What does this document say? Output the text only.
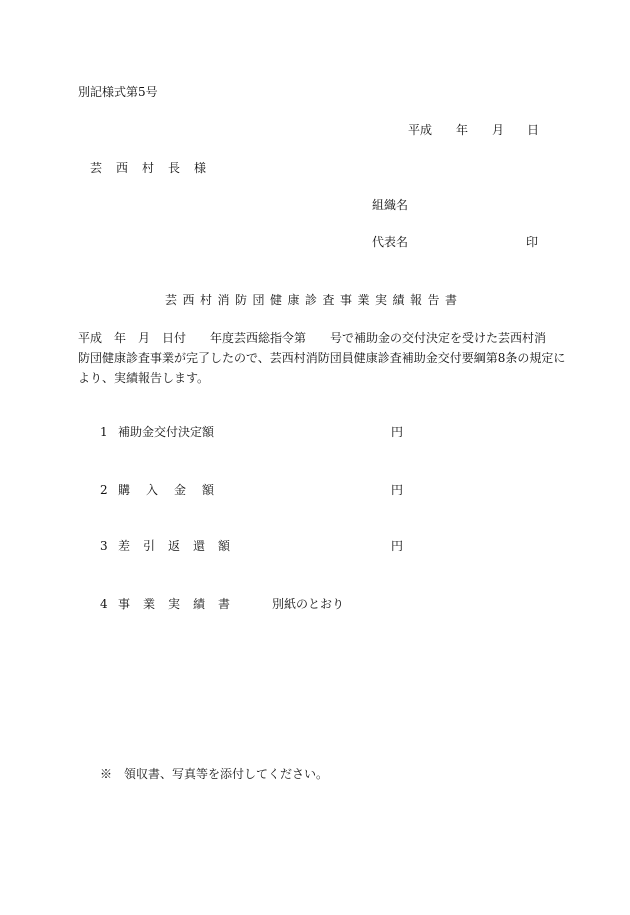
別記様式第5号

平成

年

月

日

芸西村長様
組織名
代表名	印
芸西村消防団健康診査事業実績報告書
平成　年　月　日付　　年度芸西総指令第　　号で補助金の交付決定を受けた芸西村消
防団健康診査事業が完了したので、芸西村消防団員健康診査補助金交付要綱第8条の規定に
より、実績報告します。
1 補助金交付決定額	円
2 購入金額	円
3 差引返還額	円
4 事業実績書 別紙のとおり
※　領収書、写真等を添付してください。
